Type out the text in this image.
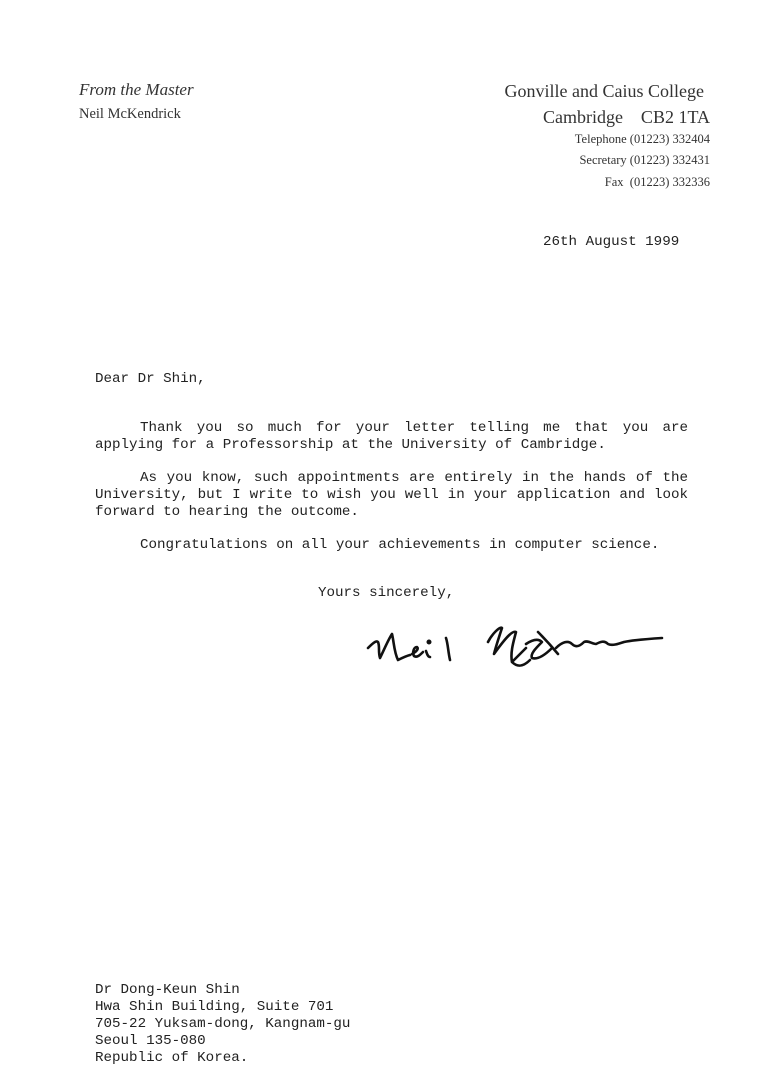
From the Master
Neil McKendrick
Gonville and Caius College
Cambridge    CB2 1TA
Telephone (01223) 332404
Secretary (01223) 332431
Fax  (01223) 332336
26th August 1999
Dear Dr Shin,
Thank you so much for your letter telling me that you are applying for a Professorship at the University of Cambridge.
As you know, such appointments are entirely in the hands of the University, but I write to wish you well in your application and look forward to hearing the outcome.
Congratulations on all your achievements in computer science.
Yours sincerely,
Dr Dong-Keun Shin
Hwa Shin Building, Suite 701
705-22 Yuksam-dong, Kangnam-gu
Seoul 135-080
Republic of Korea.
